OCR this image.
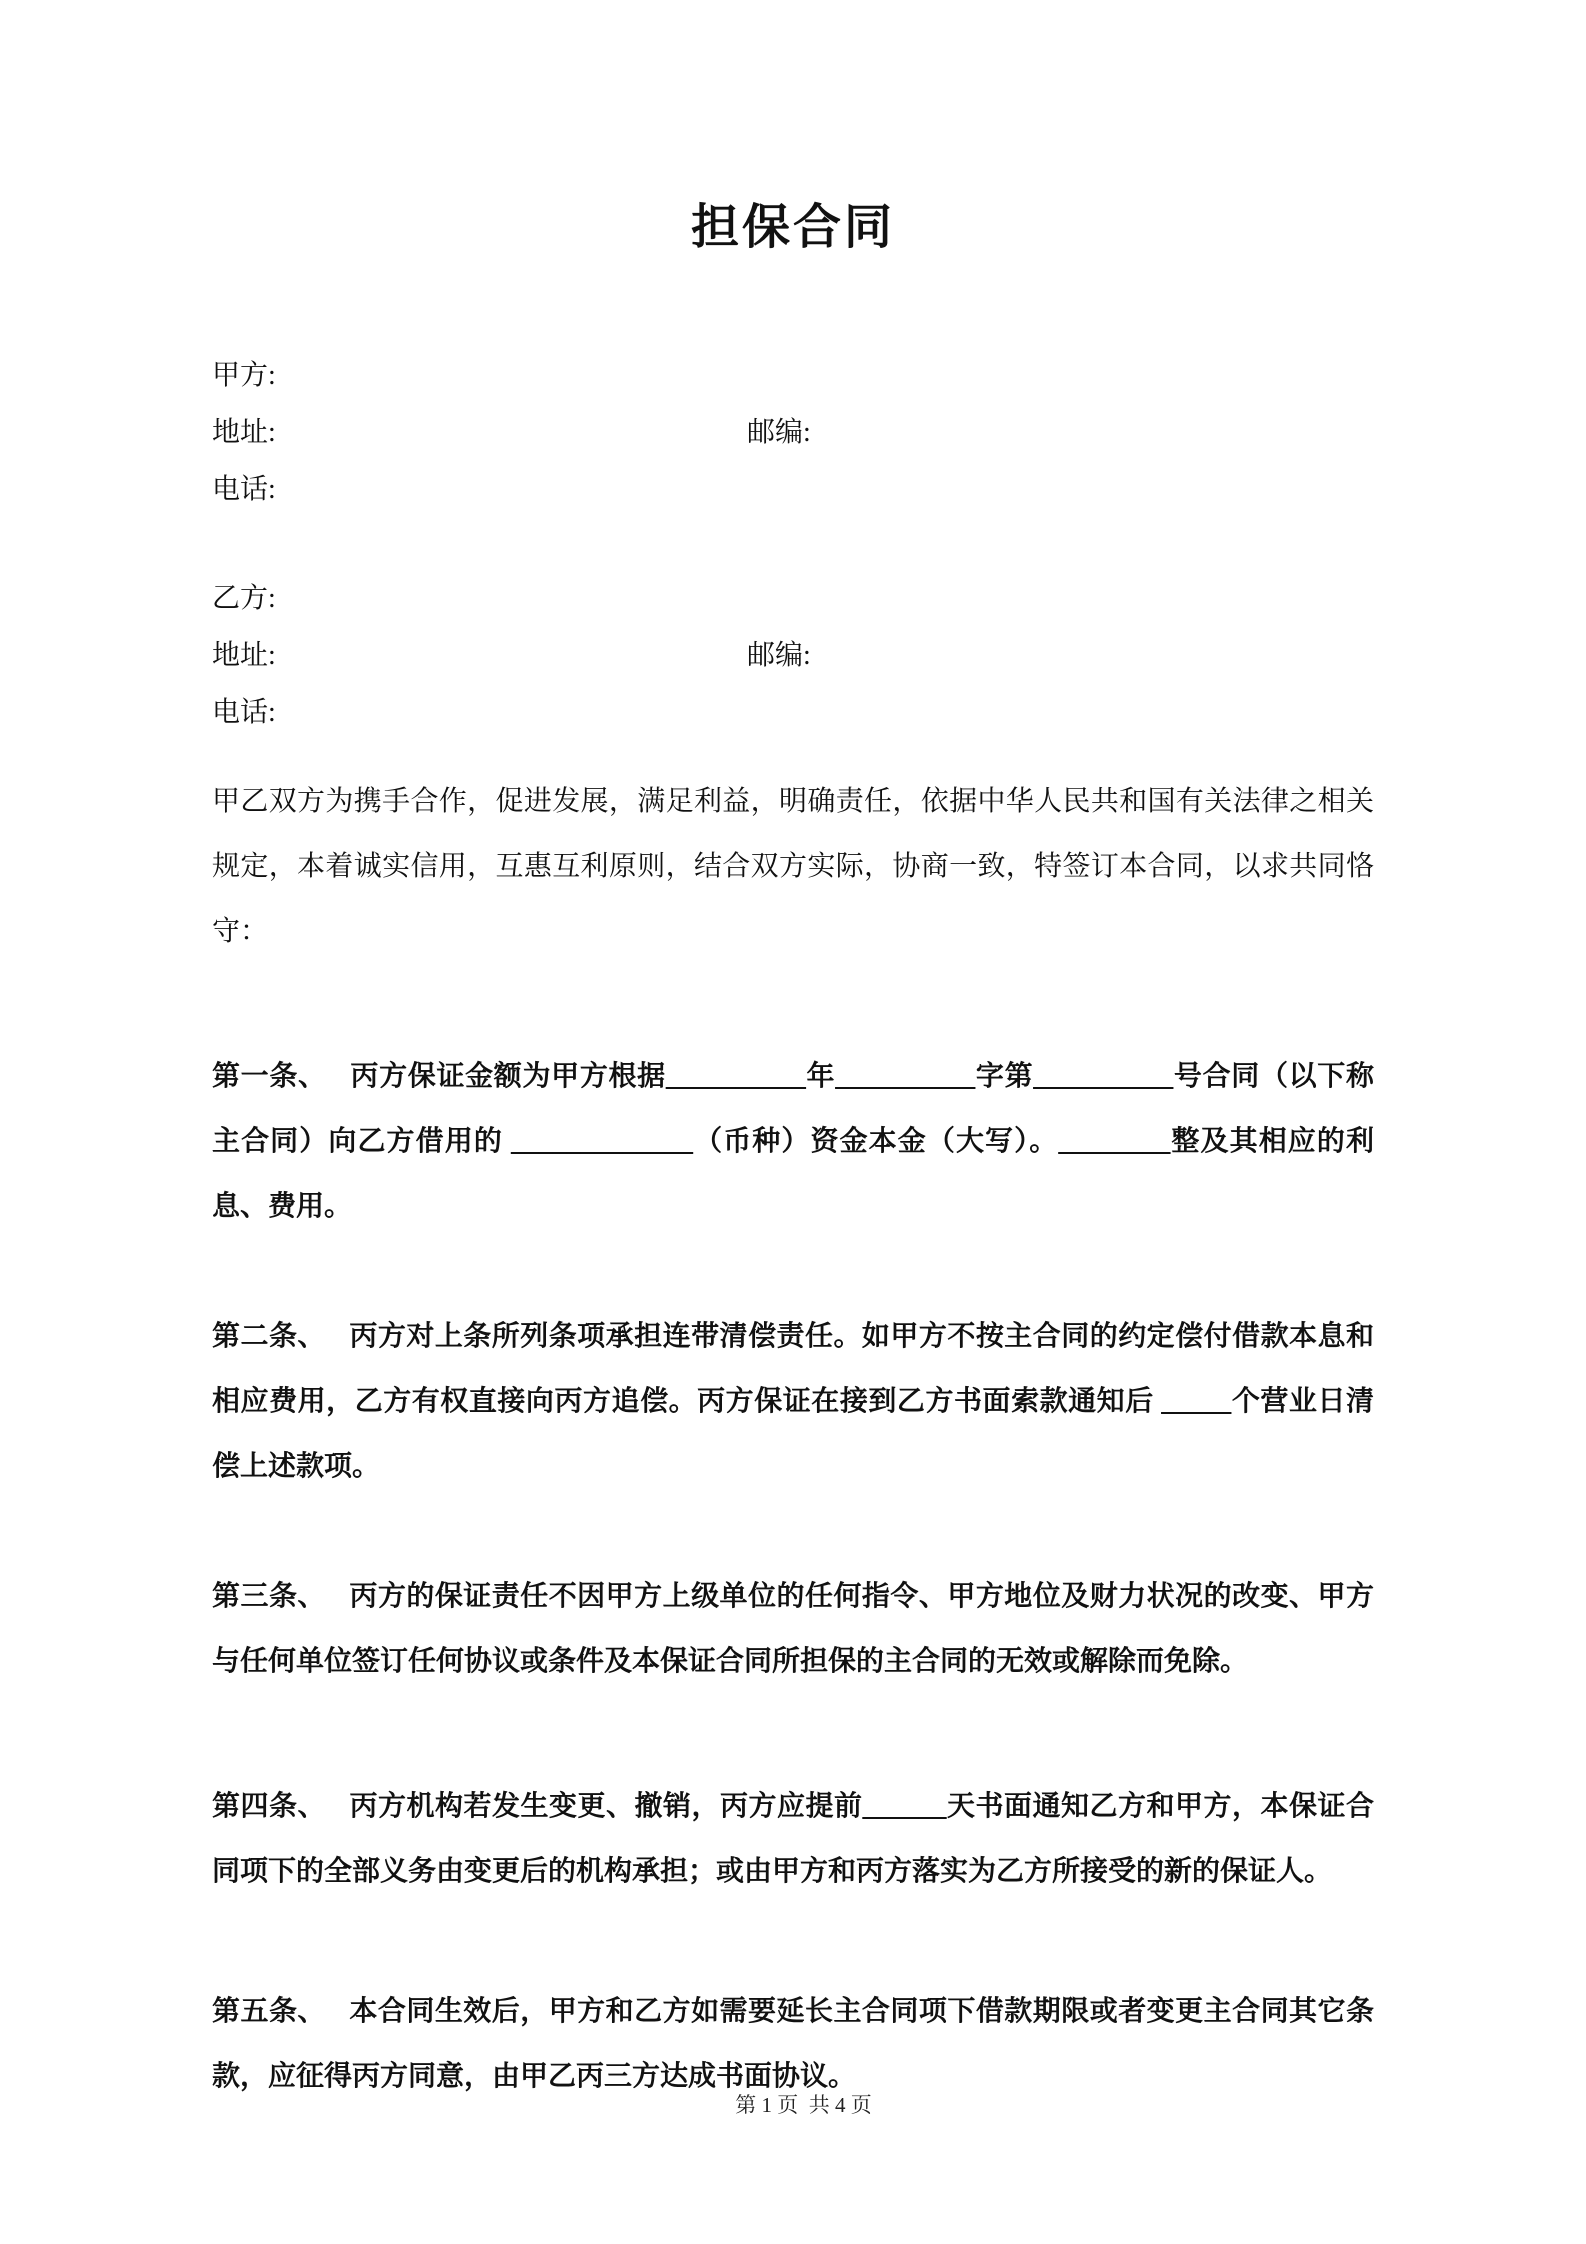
担保合同
甲方:
地址:	邮编:
电话:
乙方:
地址:	邮编:
电话:

甲乙双方为携手合作，促进发展，满足利益，明确责任，依据中华人民共和国有关法律之相关规定，本着诚实信用，互惠互利原则，结合双方实际，协商一致，特签订本合同，以求共同恪守：

第一条、 丙方保证金额为甲方根据__________年__________字第__________号合同（以下称主合同）向乙方借用的 _____________（币种）资金本金（大写）。________整及其相应的利息、费用。

第二条、 丙方对上条所列条项承担连带清偿责任。如甲方不按主合同的约定偿付借款本息和相应费用，乙方有权直接向丙方追偿。丙方保证在接到乙方书面索款通知后 _____个营业日清偿上述款项。

第三条、 丙方的保证责任不因甲方上级单位的任何指令、甲方地位及财力状况的改变、甲方与任何单位签订任何协议或条件及本保证合同所担保的主合同的无效或解除而免除。

第四条、 丙方机构若发生变更、撤销，丙方应提前______天书面通知乙方和甲方，本保证合同项下的全部义务由变更后的机构承担；或由甲方和丙方落实为乙方所接受的新的保证人。

第五条、 本合同生效后，甲方和乙方如需要延长主合同项下借款期限或者变更主合同其它条款，应征得丙方同意，由甲乙丙三方达成书面协议。

第 1 页  共 4 页
